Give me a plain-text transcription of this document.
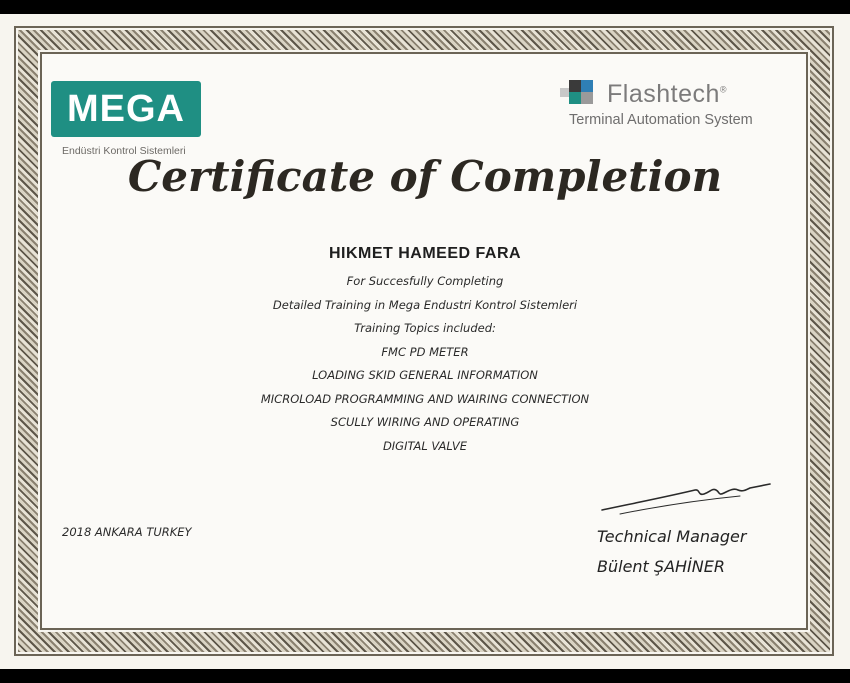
MEGA
Endüstri Kontrol Sistemleri
Flashtech®
Terminal Automation System
Certificate of Completion
HIKMET HAMEED FARA
For Succesfully Completing
Detailed Training in Mega Endustri Kontrol Sistemleri
Training Topics included:
FMC PD METER
LOADING SKID GENERAL INFORMATION
MICROLOAD PROGRAMMING AND WAIRING CONNECTION
SCULLY WIRING AND OPERATING
DIGITAL VALVE
2018 ANKARA TURKEY	Technical Manager
Bülent ŞAHİNER
